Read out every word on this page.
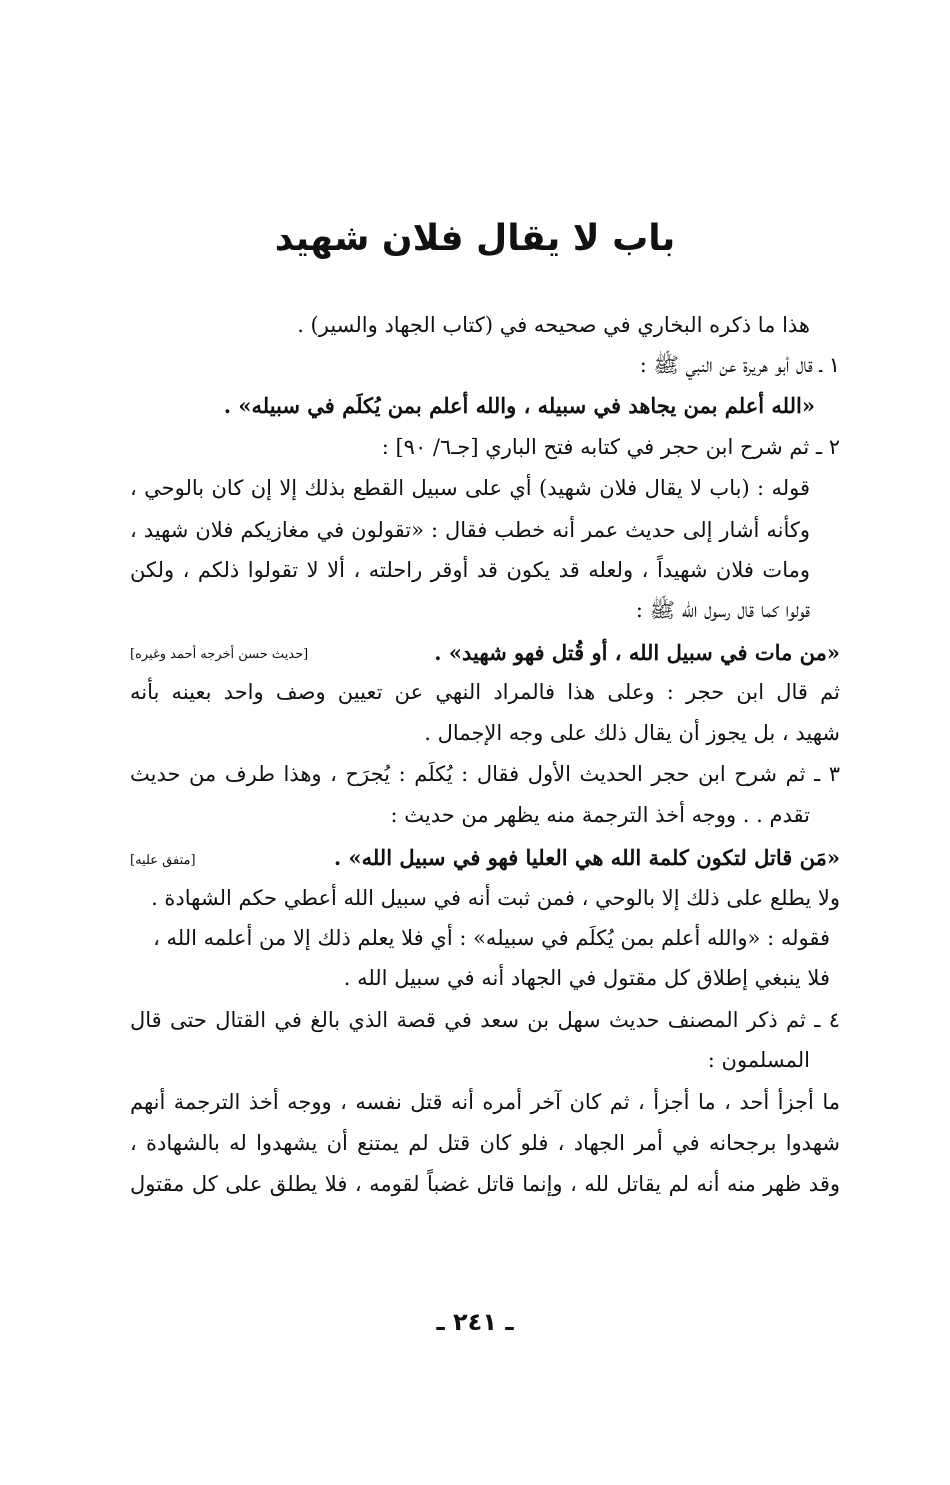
باب لا يقال فلان شهيد
هذا ما ذكره البخاري في صحيحه في (كتاب الجهاد والسير) .
١ ـ قال أبو هريرة عن النبي ﷺ :
«الله أعلم بمن يجاهد في سبيله ، والله أعلم بمن يُكلَم في سبيله» .
٢ ـ ثم شرح ابن حجر في كتابه فتح الباري [جـ٦/ ٩٠] :
قوله : (باب لا يقال فلان شهيد) أي على سبيل القطع بذلك إلا إن كان بالوحي ،
وكأنه أشار إلى حديث عمر أنه خطب فقال : «تقولون في مغازيكم فلان شهيد ،
ومات فلان شهيداً ، ولعله قد يكون قد أوقر راحلته ، ألا لا تقولوا ذلكم ، ولكن
قولوا كما قال رسول الله ﷺ :
«من مات في سبيل الله ، أو قُتل فهو شهيد» .
[حديث حسن أخرجه أحمد وغيره]
ثم قال ابن حجر : وعلى هذا فالمراد النهي عن تعيين وصف واحد بعينه بأنه
شهيد ، بل يجوز أن يقال ذلك على وجه الإجمال .
٣ ـ ثم شرح ابن حجر الحديث الأول فقال : يُكلَم : يُجرَح ، وهذا طرف من حديث
تقدم . . ووجه أخذ الترجمة منه يظهر من حديث :
«مَن قاتل لتكون كلمة الله هي العليا فهو في سبيل الله» .
[متفق عليه]
ولا يطلع على ذلك إلا بالوحي ، فمن ثبت أنه في سبيل الله أعطي حكم الشهادة .
فقوله : «والله أعلم بمن يُكلَم في سبيله» : أي فلا يعلم ذلك إلا من أعلمه الله ،
فلا ينبغي إطلاق كل مقتول في الجهاد أنه في سبيل الله .
٤ ـ ثم ذكر المصنف حديث سهل بن سعد في قصة الذي بالغ في القتال حتى قال
المسلمون :
ما أجزأ أحد ، ما أجزأ ، ثم كان آخر أمره أنه قتل نفسه ، ووجه أخذ الترجمة أنهم
شهدوا برجحانه في أمر الجهاد ، فلو كان قتل لم يمتنع أن يشهدوا له بالشهادة ،
وقد ظهر منه أنه لم يقاتل لله ، وإنما قاتل غضباً لقومه ، فلا يطلق على كل مقتول
ـ ٢٤١ ـ
